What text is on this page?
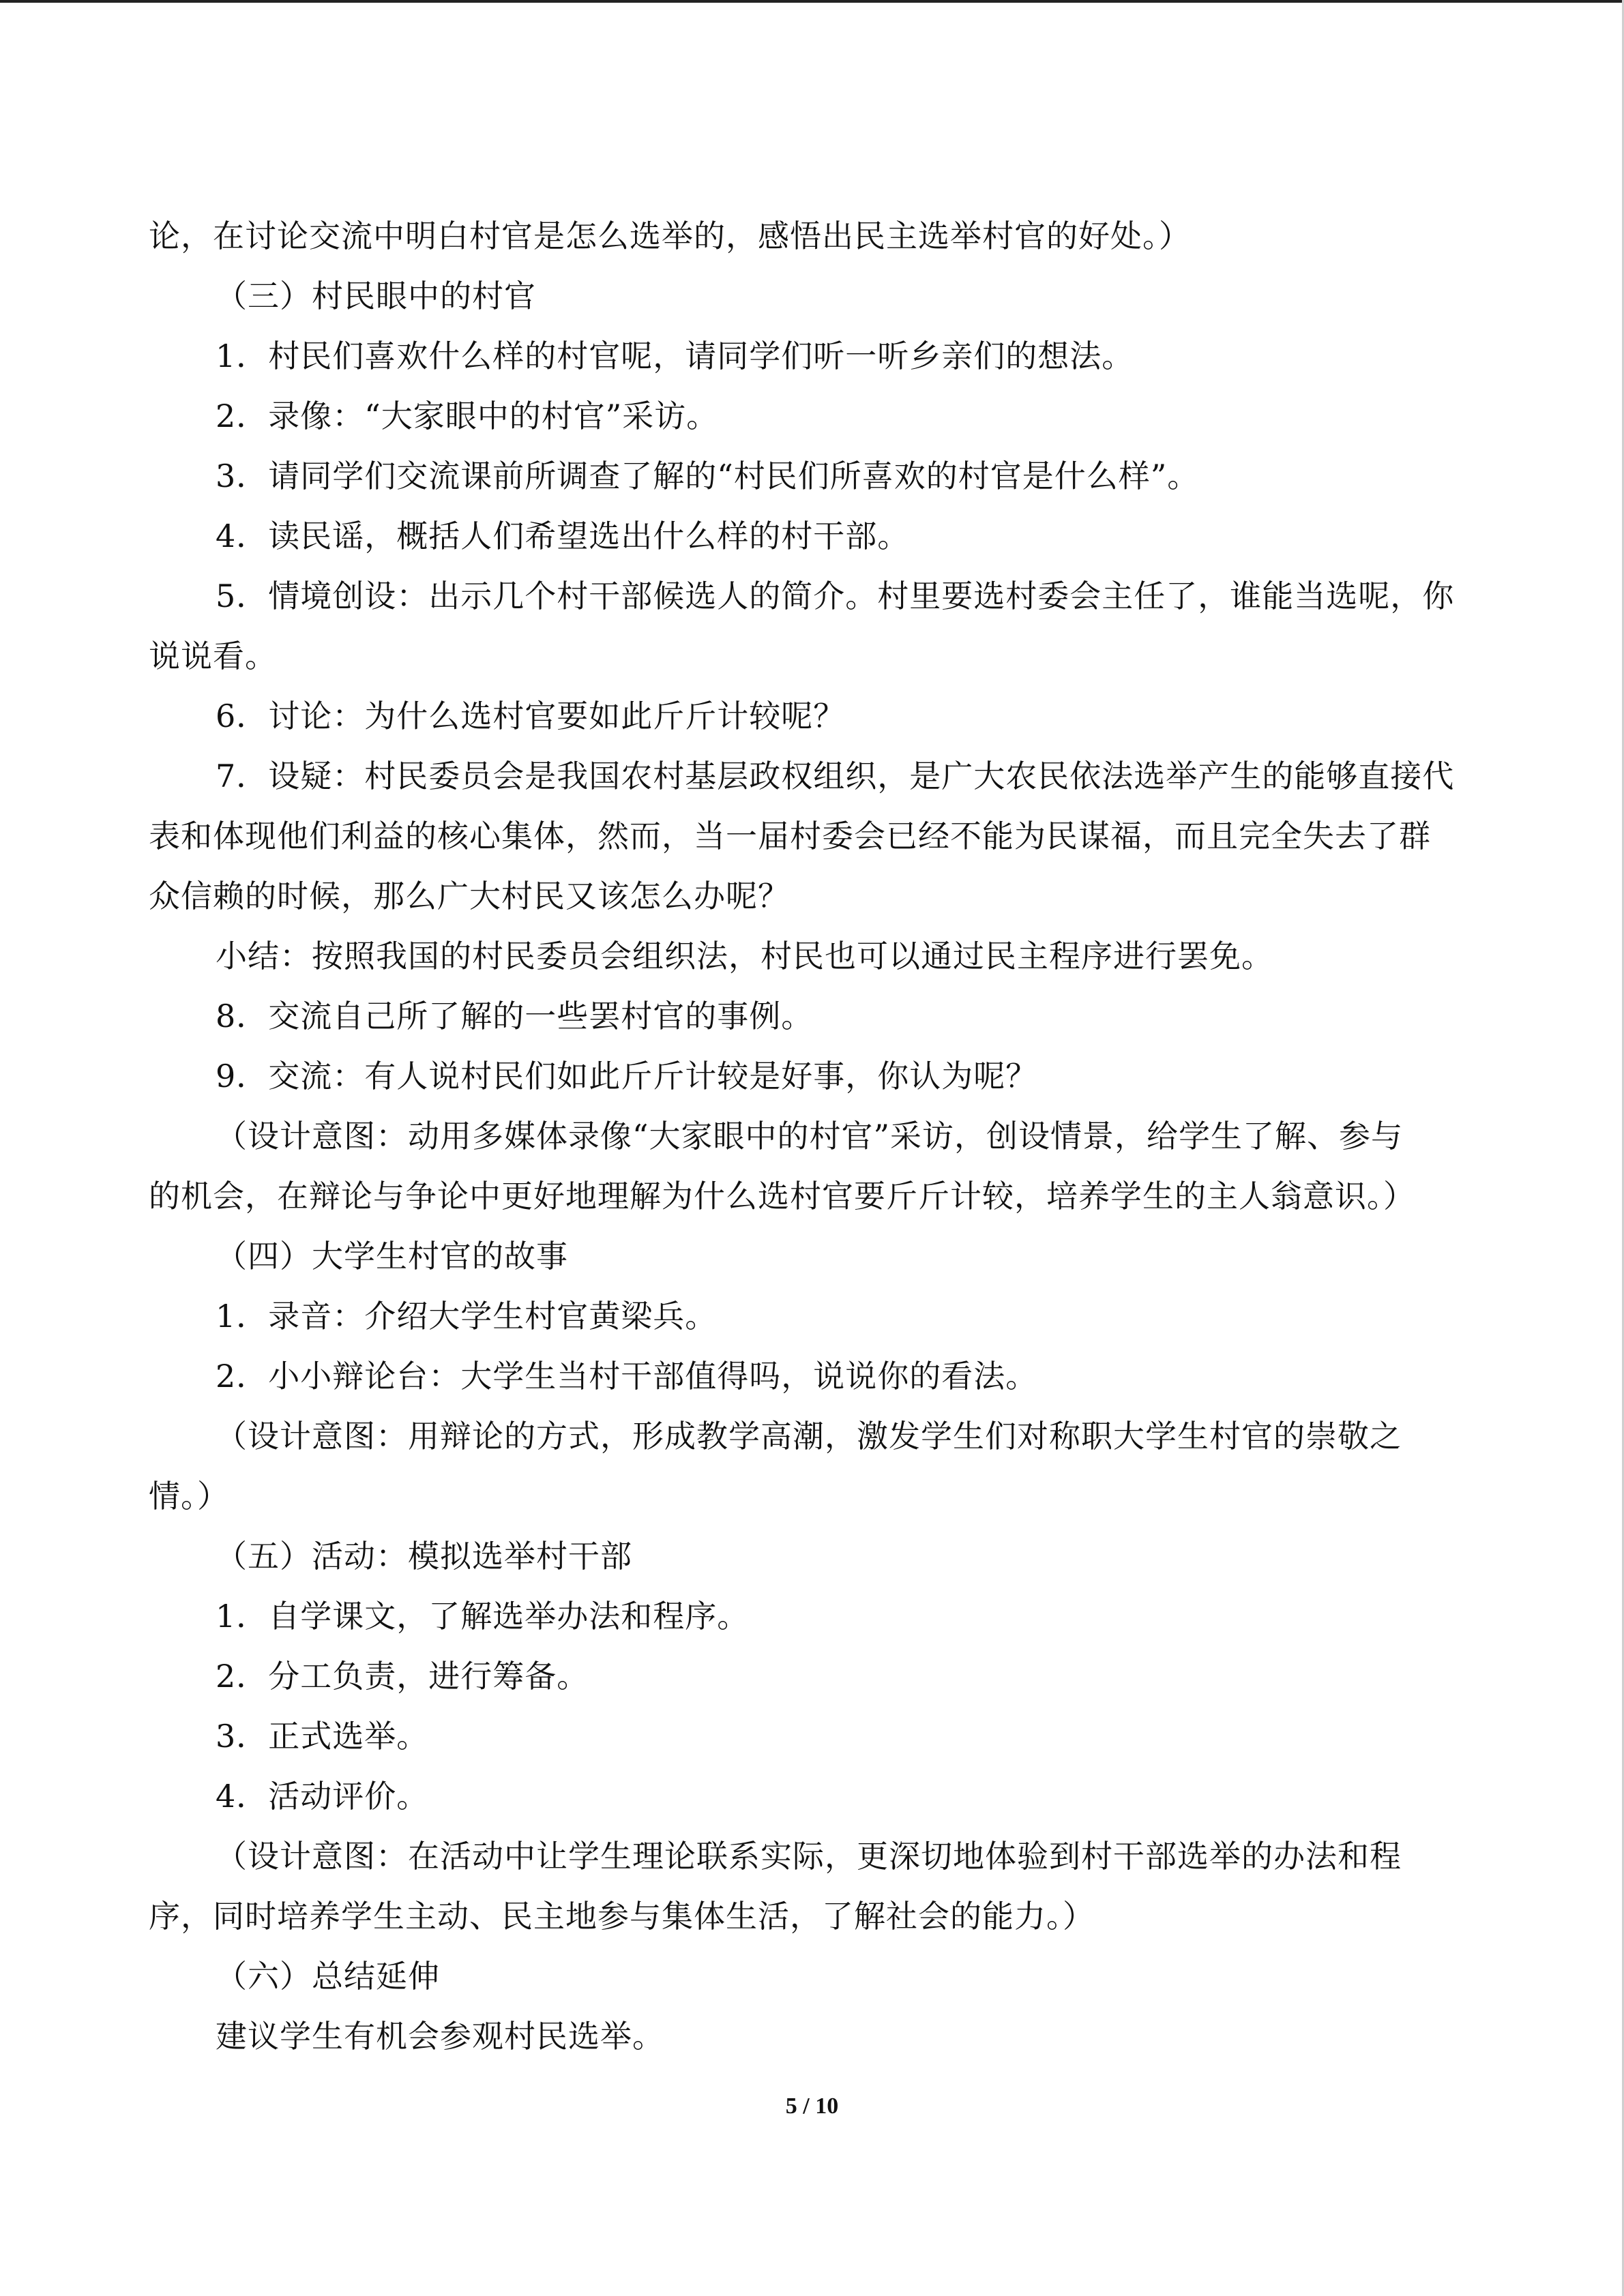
论，在讨论交流中明白村官是怎么选举的，感悟出民主选举村官的好处。）
（三）村民眼中的村官
1．村民们喜欢什么样的村官呢，请同学们听一听乡亲们的想法。
2．录像：“大家眼中的村官”采访。
3．请同学们交流课前所调查了解的“村民们所喜欢的村官是什么样”。
4．读民谣，概括人们希望选出什么样的村干部。
5．情境创设：出示几个村干部候选人的简介。村里要选村委会主任了，谁能当选呢，你
说说看。
6．讨论：为什么选村官要如此斤斤计较呢？
7．设疑：村民委员会是我国农村基层政权组织，是广大农民依法选举产生的能够直接代
表和体现他们利益的核心集体，然而，当一届村委会已经不能为民谋福，而且完全失去了群
众信赖的时候，那么广大村民又该怎么办呢？
小结：按照我国的村民委员会组织法，村民也可以通过民主程序进行罢免。
8．交流自己所了解的一些罢村官的事例。
9．交流：有人说村民们如此斤斤计较是好事，你认为呢？
（设计意图：动用多媒体录像“大家眼中的村官”采访，创设情景，给学生了解、参与
的机会，在辩论与争论中更好地理解为什么选村官要斤斤计较，培养学生的主人翁意识。）
（四）大学生村官的故事
1．录音：介绍大学生村官黄梁兵。
2．小小辩论台：大学生当村干部值得吗，说说你的看法。
（设计意图：用辩论的方式，形成教学高潮，激发学生们对称职大学生村官的崇敬之
情。）
（五）活动：模拟选举村干部
1．自学课文，了解选举办法和程序。
2．分工负责，进行筹备。
3．正式选举。
4．活动评价。
（设计意图：在活动中让学生理论联系实际，更深切地体验到村干部选举的办法和程
序，同时培养学生主动、民主地参与集体生活，了解社会的能力。）
（六）总结延伸
建议学生有机会参观村民选举。
5 / 10
